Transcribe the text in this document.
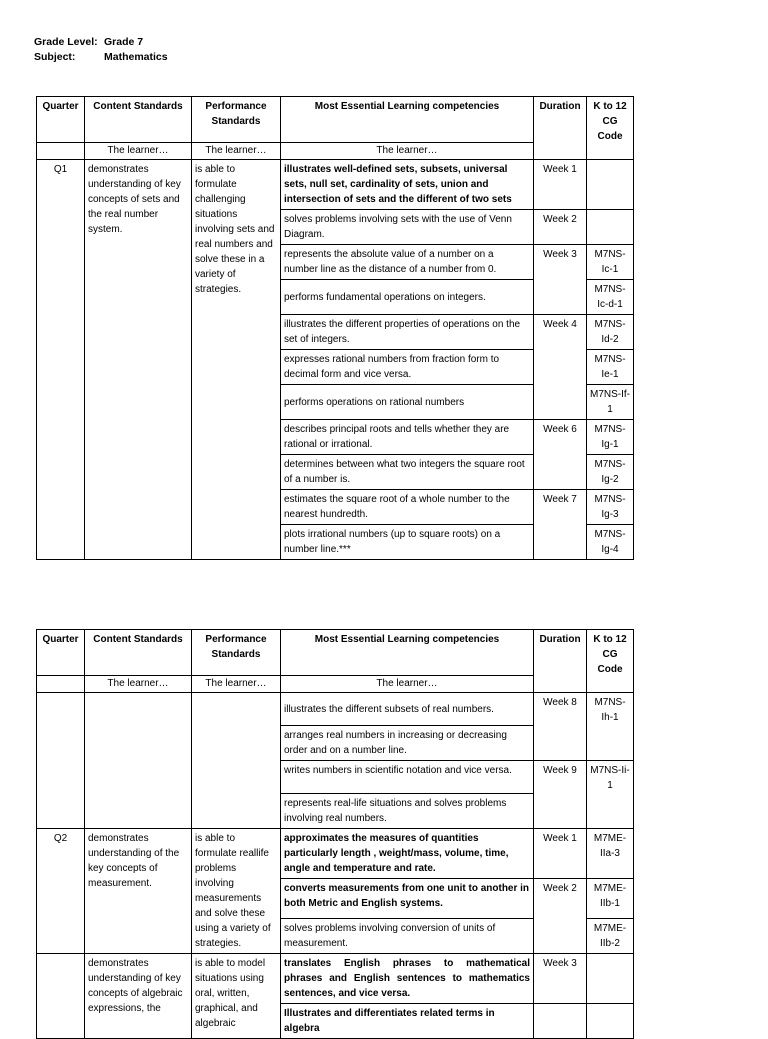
Grade Level: Grade 7
Subject:	Mathematics
Quarter	Content Standards	Performance Standards	Most Essential Learning competencies	Duration	K to 12 CG Code
	The learner…	The learner…	The learner…		
Q1	demonstrates understanding of key concepts of sets and the real number system.	is able to formulate challenging situations involving sets and real numbers and solve these in a variety of strategies.	illustrates well-defined sets, subsets, universal sets, null set, cardinality of sets, union and intersection of sets and the different of two sets	Week 1	
			solves problems involving sets with the use of Venn Diagram.	Week 2	
			represents the absolute value of a number on a number line as the distance of a number from 0.	Week 3	M7NS-Ic-1
			performs fundamental operations on integers.		M7NS-Ic-d-1
			illustrates the different properties of operations on the set of integers.	Week 4	M7NS-Id-2
			expresses rational numbers from fraction form to decimal form and vice versa.		M7NS-Ie-1
			performs operations on rational numbers		M7NS-If-1
			describes principal roots and tells whether they are rational or irrational.	Week 6	M7NS-Ig-1
			determines between what two integers the square root of a number is.		M7NS-Ig-2
			estimates the square root of a whole number to the nearest hundredth.	Week 7	M7NS-Ig-3
			plots irrational numbers (up to square roots) on a number line.***		M7NS-Ig-4
Quarter	Content Standards	Performance Standards	Most Essential Learning competencies	Duration	K to 12 CG Code
	The learner…	The learner…	The learner…		
			illustrates the different subsets of real numbers.	Week 8	M7NS-Ih-1
			arranges real numbers in increasing or decreasing order and on a number line.		
			writes numbers in scientific notation and vice versa.	Week 9	M7NS-Ii-1
			represents real-life situations and solves problems involving real numbers.		
Q2	demonstrates understanding of the key concepts of measurement.	is able to formulate reallife problems involving measurements and solve these using a variety of strategies.	approximates the measures of quantities particularly length , weight/mass, volume, time, angle and temperature and rate.	Week 1	M7ME-IIa-3
			converts measurements from one unit to another in both Metric and English systems.	Week 2	M7ME-IIb-1
			solves problems involving conversion of units of measurement.		M7ME-IIb-2
	demonstrates understanding of key concepts of algebraic expressions, the	is able to model situations using oral, written, graphical, and algebraic	translates English phrases to mathematical phrases and English sentences to mathematics sentences, and vice versa.	Week 3	
			Illustrates and differentiates related terms in algebra		
